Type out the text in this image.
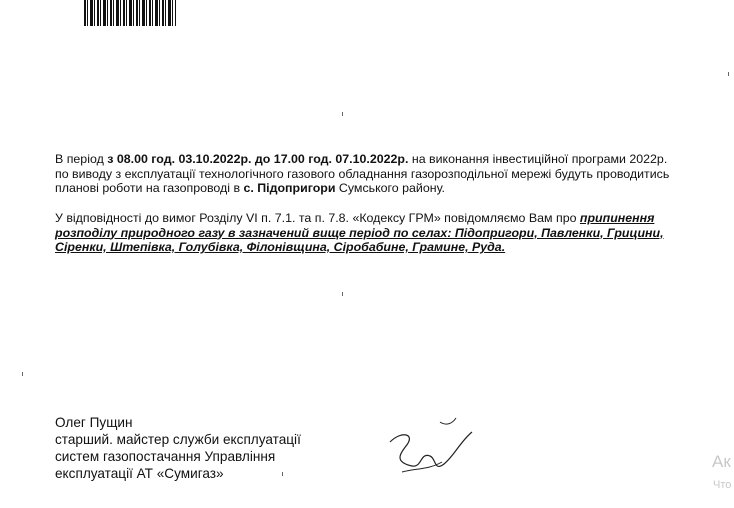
В період з 08.00 год. 03.10.2022р. до 17.00 год. 07.10.2022р. на виконання інвестиційної програми 2022р.
по виводу з експлуатації технологічного газового обладнання газорозподільної мережі будуть проводитись
планові роботи на газопроводі в с. Підопригори Сумського району.
У відповідності до вимог Розділу VI п. 7.1. та п. 7.8. «Кодексу ГРМ» повідомляємо Вам про припинення
розподілу природного газу в зазначений вище період по селах: Підопригори, Павленки, Грицини,
Сіренки, Штепівка, Голубівка, Філонівщина, Сіробабине, Грамине, Руда.
Олег Пущин
старший. майстер служби експлуатації
систем газопостачання Управління
експлуатації АТ «Сумигаз»
Ак
Что
